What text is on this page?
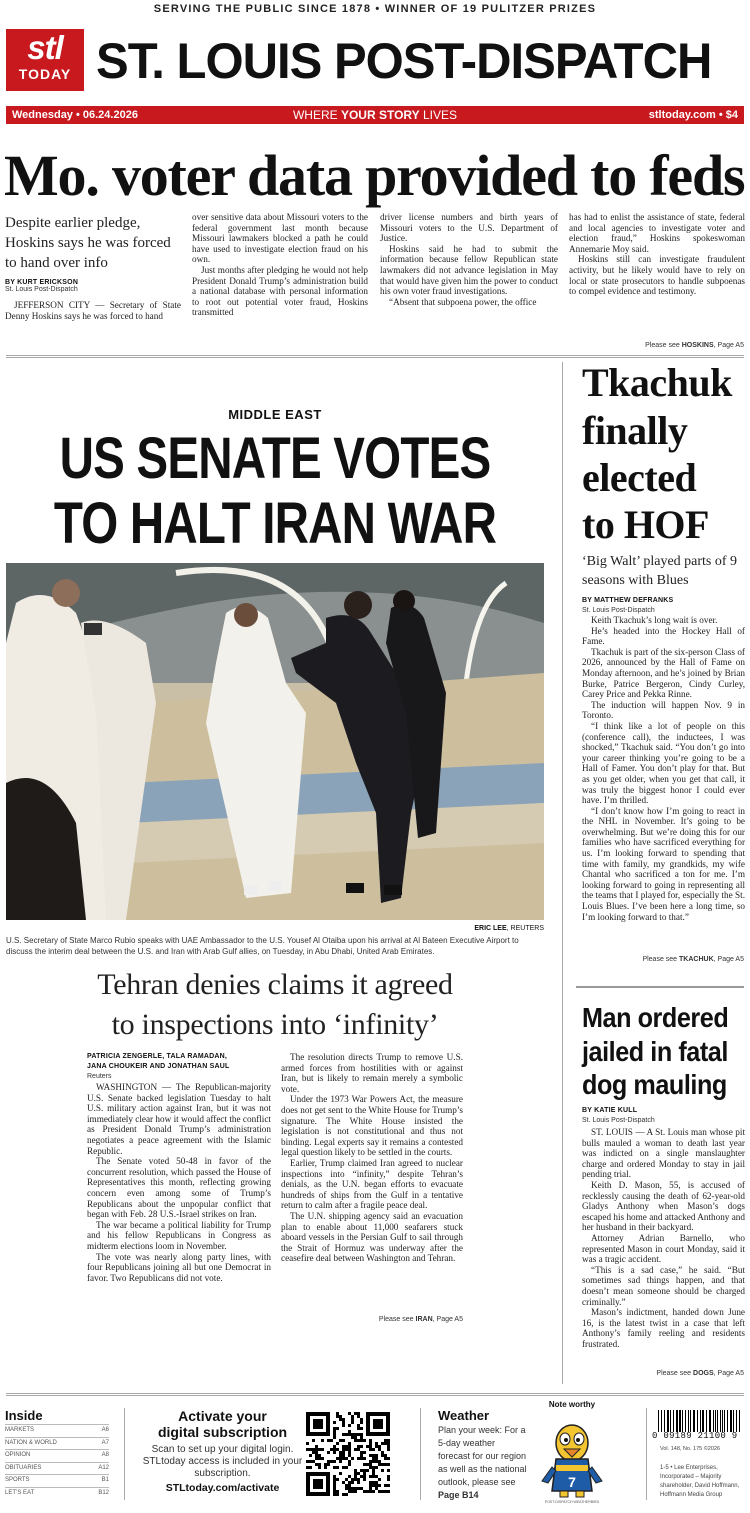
SERVING THE PUBLIC SINCE 1878 • WINNER OF 19 PULITZER PRIZES
stl
TODAY ST. LOUIS POST-DISPATCH
WHERE YOUR STORY LIVES
Wednesday • 06.24.2026	stltoday.com • $4
Mo. voter data provided to feds
Despite earlier pledge, Hoskins says he was forced to hand over info
BY KURT ERICKSON
St. Louis Post-Dispatch

JEFFERSON CITY — Secretary of State Denny Hoskins says he was forced to hand

over sensitive data about Missouri voters to the federal government last month because Missouri lawmakers blocked a path he could have used to investigate election fraud on his own.

Just months after pledging he would not help President Donald Trump’s administration build a national database with personal information to root out potential voter fraud, Hoskins transmitted

driver license numbers and birth years of Missouri voters to the U.S. Department of Justice.

Hoskins said he had to submit the information because fellow Republican state lawmakers did not advance legislation in May that would have given him the power to conduct his own voter fraud investigations.

“Absent that subpoena power, the office

has had to enlist the assistance of state, federal and local agencies to investigate voter and election fraud,” Hoskins spokeswoman Annemarie Moy said.

Hoskins still can investigate fraudulent activity, but he likely would have to rely on local or state prosecutors to handle subpoenas to compel evidence and testimony.

Please see HOSKINS, Page A5
MIDDLE EAST
US SENATE VOTES
TO HALT IRAN WAR
ERIC LEE, REUTERS
U.S. Secretary of State Marco Rubio speaks with UAE Ambassador to the U.S. Yousef Al Otaiba upon his arrival at Al Bateen Executive Airport to discuss the interim deal between the U.S. and Iran with Arab Gulf allies, on Tuesday, in Abu Dhabi, United Arab Emirates.
Tehran denies claims it agreed
to inspections into ‘infinity’
PATRICIA ZENGERLE, TALA RAMADAN,
JANA CHOUKEIR AND JONATHAN SAUL
Reuters

WASHINGTON — The Republican-majority U.S. Senate backed legislation Tuesday to halt U.S. military action against Iran, but it was not immediately clear how it would affect the conflict as President Donald Trump’s administration negotiates a peace agreement with the Islamic Republic.

The Senate voted 50-48 in favor of the concurrent resolution, which passed the House of Representatives this month, reflecting growing concern even among some of Trump’s Republicans about the unpopular conflict that began with Feb. 28 U.S.-Israel strikes on Iran.

The war became a political liability for Trump and his fellow Republicans in Congress as midterm elections loom in November.

The vote was nearly along party lines, with four Republicans joining all but one Democrat in favor. Two Republicans did not vote.

The resolution directs Trump to remove U.S. armed forces from hostilities with or against Iran, but is likely to remain merely a symbolic vote.

Under the 1973 War Powers Act, the measure does not get sent to the White House for Trump’s signature. The White House insisted the legislation is not constitutional and thus not binding. Legal experts say it remains a contested legal question likely to be settled in the courts.

Earlier, Trump claimed Iran agreed to nuclear inspections into “infinity,” despite Tehran’s denials, as the U.N. began efforts to evacuate hundreds of ships from the Gulf in a tentative return to calm after a fragile peace deal.

The U.N. shipping agency said an evacuation plan to enable about 11,000 seafarers stuck aboard vessels in the Persian Gulf to sail through the Strait of Hormuz was underway after the ceasefire deal between Washington and Tehran.

Please see IRAN, Page A5
Tkachuk
finally
elected
to HOF
‘Big Walt’ played parts of 9 seasons with Blues
BY MATTHEW DEFRANKS
St. Louis Post-Dispatch

Keith Tkachuk’s long wait is over.

He’s headed into the Hockey Hall of Fame.

Tkachuk is part of the six-person Class of 2026, announced by the Hall of Fame on Monday afternoon, and he’s joined by Brian Burke, Patrice Bergeron, Cindy Curley, Carey Price and Pekka Rinne.

The induction will happen Nov. 9 in Toronto.

“I think like a lot of people on this (conference call), the inductees, I was shocked,” Tkachuk said. “You don’t go into your career thinking you’re going to be a Hall of Famer. You don’t play for that. But as you get older, when you get that call, it was truly the biggest honor I could ever have. I’m thrilled.

“I don’t know how I’m going to react in the NHL in November. It’s going to be overwhelming. But we’re doing this for our families who have sacrificed everything for us. I’m looking forward to spending that time with family, my grandkids, my wife Chantal who sacrificed a ton for me. I’m looking forward to going in representing all the teams that I played for, especially the St. Louis Blues. I’ve been here a long time, so I’m looking forward to that.”

Please see TKACHUK, Page A5
Man ordered
jailed in fatal
dog mauling
BY KATIE KULL
St. Louis Post-Dispatch

ST. LOUIS — A St. Louis man whose pit bulls mauled a woman to death last year was indicted on a single manslaughter charge and ordered Monday to stay in jail pending trial.

Keith D. Mason, 55, is accused of recklessly causing the death of 62-year-old Gladys Anthony when Mason’s dogs escaped his home and attacked Anthony and her husband in their backyard.

Attorney Adrian Barnello, who represented Mason in court Monday, said it was a tragic accident.

“This is a sad case,” he said. “But sometimes sad things happen, and that doesn’t mean someone should be charged criminally.”

Mason’s indictment, handed down June 16, is the latest twist in a case that left Anthony’s family reeling and residents frustrated.

Please see DOGS, Page A5
Inside
MARKETS	A6
NATION & WORLD	A7
OPINION	A8
OBITUARIES	A12
SPORTS	B1
LET’S EAT	B12
Activate your
digital subscription
Scan to set up your digital login. STLtoday access is included in your subscription.
STLtoday.com/activate
Weather
Plan your week: For a 5-day weather forecast for our region as well as the national outlook, please see Page B14
Note worthy
7
POST-DISPATCH WEATHERBIRD
0 09189 21100 9
Vol. 148, No. 175 ©2026
1-5 • Lee Enterprises, Incorporated – Majority shareholder, David Hoffmann, Hoffmann Media Group
